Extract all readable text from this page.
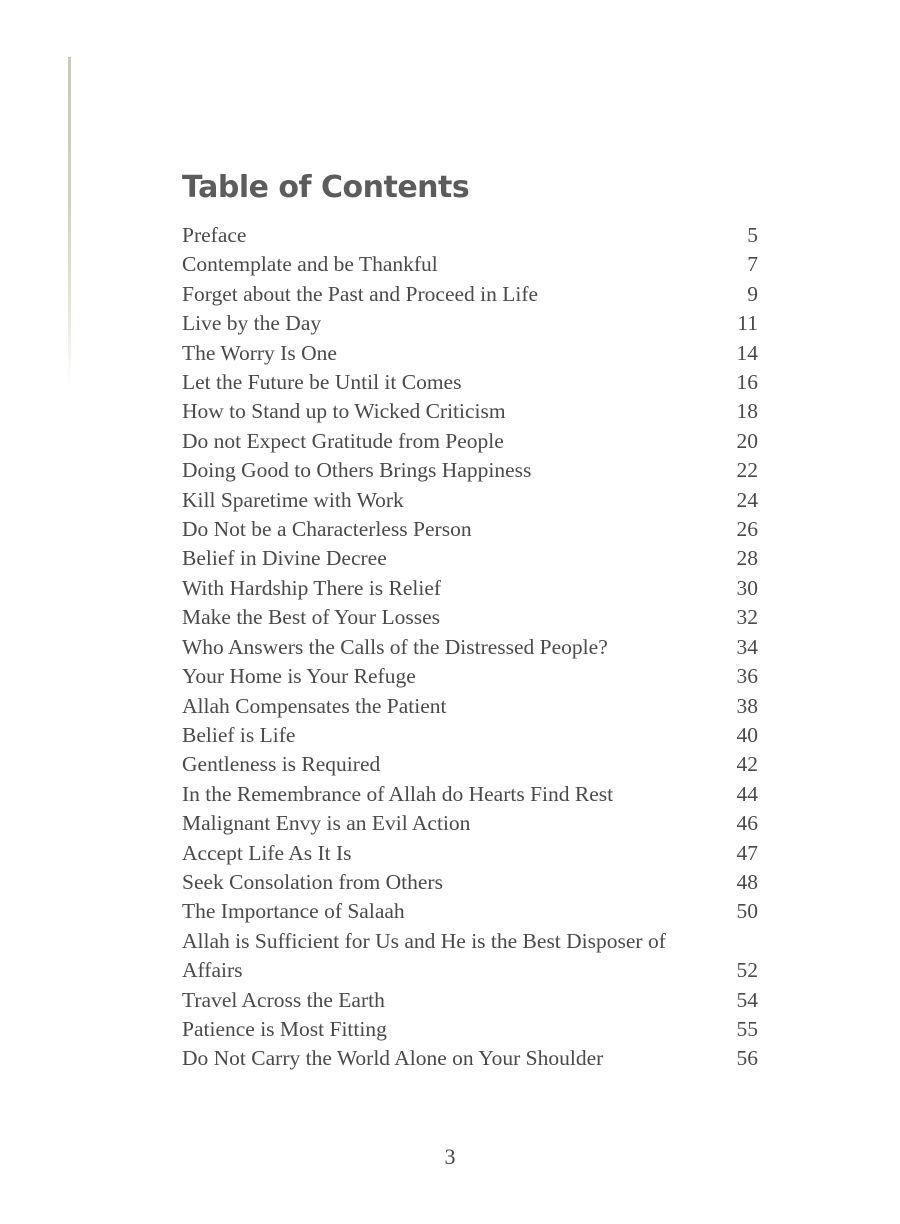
Table of Contents
Preface	5
Contemplate and be Thankful	7
Forget about the Past and Proceed in Life	9
Live by the Day	11
The Worry Is One	14
Let the Future be Until it Comes	16
How to Stand up to Wicked Criticism	18
Do not Expect Gratitude from People	20
Doing Good to Others Brings Happiness	22
Kill Sparetime with Work	24
Do Not be a Characterless Person	26
Belief in Divine Decree	28
With Hardship There is Relief	30
Make the Best of Your Losses	32
Who Answers the Calls of the Distressed People?	34
Your Home is Your Refuge	36
Allah Compensates the Patient	38
Belief is Life	40
Gentleness is Required	42
In the Remembrance of Allah do Hearts Find Rest	44
Malignant Envy is an Evil Action	46
Accept Life As It Is	47
Seek Consolation from Others	48
The Importance of Salaah	50
Allah is Sufficient for Us and He is the Best Disposer of Affairs	52
Travel Across the Earth	54
Patience is Most Fitting	55
Do Not Carry the World Alone on Your Shoulder	56
3
